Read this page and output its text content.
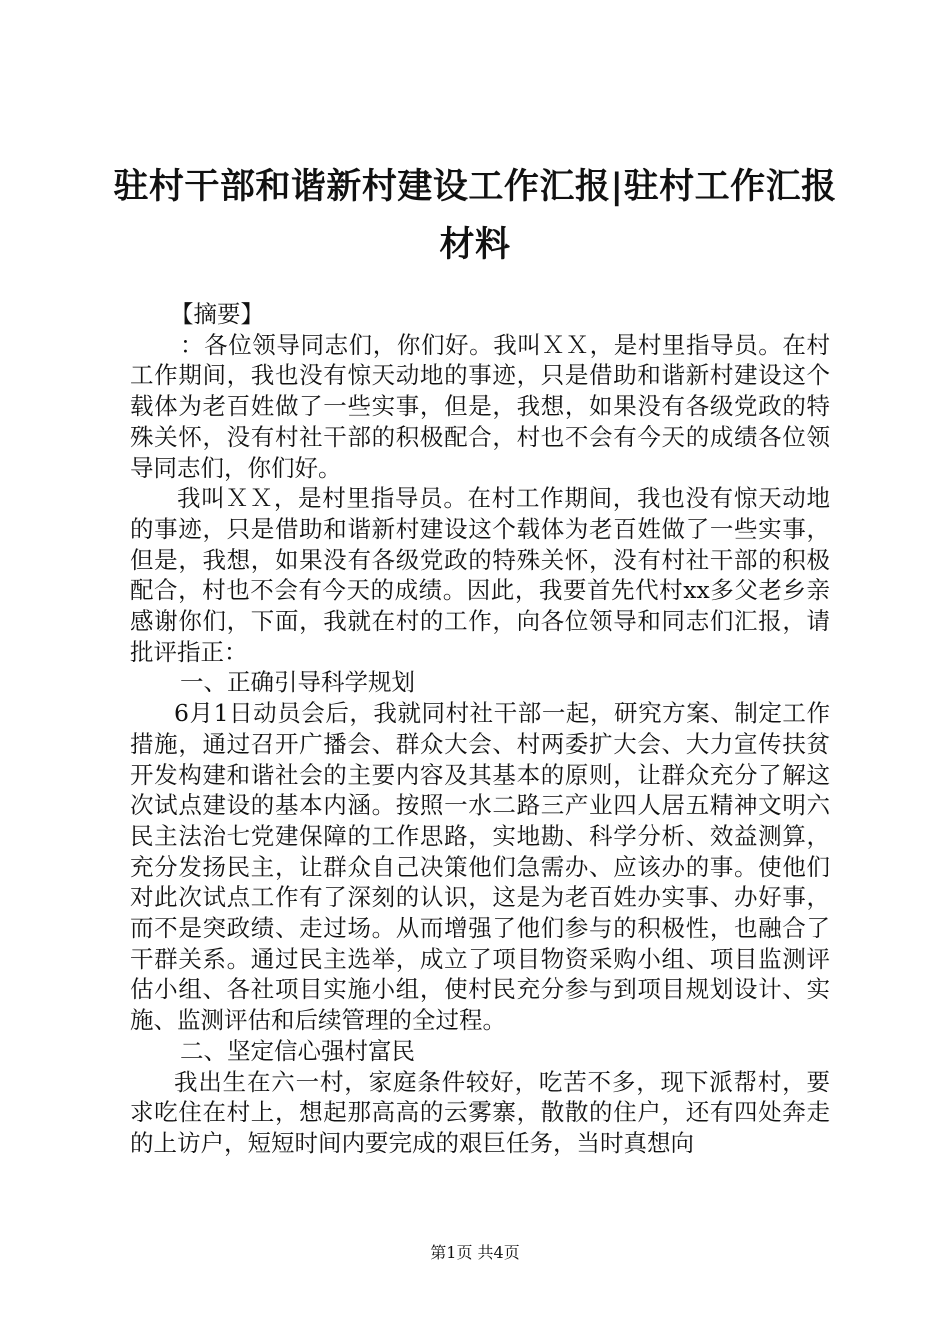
驻村干部和谐新村建设工作汇报|驻村工作汇报材料

【摘要】

：各位领导同志们，你们好。我叫ＸＸ，是村里指导员。在村工作期间，我也没有惊天动地的事迹，只是借助和谐新村建设这个载体为老百姓做了一些实事，但是，我想，如果没有各级党政的特殊关怀，没有村社干部的积极配合，村也不会有今天的成绩各位领导同志们，你们好。

我叫ＸＸ，是村里指导员。在村工作期间，我也没有惊天动地的事迹，只是借助和谐新村建设这个载体为老百姓做了一些实事，但是，我想，如果没有各级党政的特殊关怀，没有村社干部的积极配合，村也不会有今天的成绩。因此，我要首先代村xx多父老乡亲感谢你们，下面，我就在村的工作，向各位领导和同志们汇报，请批评指正：

一、正确引导科学规划

6月1日动员会后，我就同村社干部一起，研究方案、制定工作措施，通过召开广播会、群众大会、村两委扩大会、大力宣传扶贫开发构建和谐社会的主要内容及其基本的原则，让群众充分了解这次试点建设的基本内涵。按照一水二路三产业四人居五精神文明六民主法治七党建保障的工作思路，实地勘、科学分析、效益测算，充分发扬民主，让群众自己决策他们急需办、应该办的事。使他们对此次试点工作有了深刻的认识，这是为老百姓办实事、办好事，而不是突政绩、走过场。从而增强了他们参与的积极性，也融合了干群关系。通过民主选举，成立了项目物资采购小组、项目监测评估小组、各社项目实施小组，使村民充分参与到项目规划设计、实施、监测评估和后续管理的全过程。

二、坚定信心强村富民

我出生在六一村，家庭条件较好，吃苦不多，现下派帮村，要求吃住在村上，想起那高高的云雾寨，散散的住户，还有四处奔走的上访户，短短时间内要完成的艰巨任务，当时真想向

第1页 共4页
